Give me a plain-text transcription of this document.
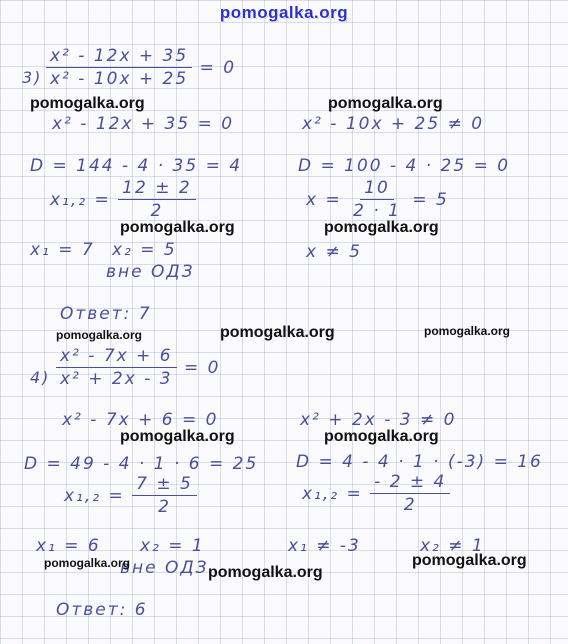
pomogalka.org
$3) \frac{\text{x² - 12x + 35}}{\text{x² - 10x + 25}} = 0$
x² - 12x + 35 = 0	x² - 10x + 25 ≠ 0
D = 144 - 4 · 35 = 4	D = 100 - 4 · 25 = 0
$x_1,_2 = \frac{12 \pm 2}{2}$	$x = \frac{10}{2 \cdot 1} = 5$
x₁ = 7 x₂ = 5
вне ОДЗ
x ≠ 5
Ответ: 7
$4) \frac{\text{x² - 7x + 6}}{\text{x² + 2x - 3}} = 0$
x² - 7x + 6 = 0	x² + 2x - 3 ≠ 0
D = 49 - 4 · 1 · 6 = 25 D = 4 - 4 · 1 · (-3) = 16
$x_1,_2 = \frac{7 \pm 5}{2}$	$x_1,_2 = \frac{- 2 \pm 4}{2}$
x₁ = 6 x₂ = 1
вне ОДЗ
x₁ ≠ -3	x₂ ≠ 1
Ответ: 6
pomogalka.org	pomogalka.org
pomogalka.org	pomogalka.org
pomogalka.org	pomogalka.org	pomogalka.org
pomogalka.org	pomogalka.org
pomogalka.org
pomogalka.org
pomogalka.org
